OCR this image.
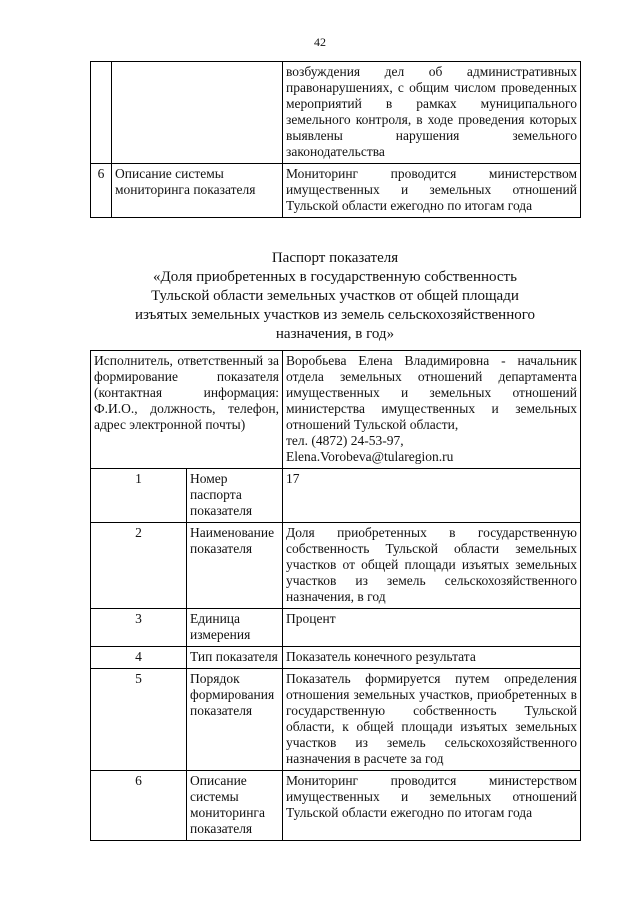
42
		возбуждения дел об административных правонарушениях, с общим числом проведенных мероприятий в рамках муниципального земельного контроля, в ходе проведения которых выявлены нарушения земельного законодательства
6	Описание системы мониторинга показателя	Мониторинг проводится министерством имущественных и земельных отношений Тульской области ежегодно по итогам года
Паспорт показателя
«Доля приобретенных в государственную собственность
Тульской области земельных участков от общей площади
изъятых земельных участков из земель сельскохозяйственного
назначения, в год»
Исполнитель, ответственный за формирование показателя (контактная информация: Ф.И.О., должность, телефон, адрес электронной почты)		Воробьева Елена Владимировна - начальник отдела земельных отношений департамента имущественных и земельных отношений министерства имущественных и земельных отношений Тульской области,
тел. (4872) 24-53-97,
Elena.Vorobeva@tularegion.ru

1	Номер паспорта показателя	17
2	Наименование показателя	Доля приобретенных в государственную собственность Тульской области земельных участков от общей площади изъятых земельных участков из земель сельскохозяйственного назначения, в год
3	Единица измерения	Процент
4	Тип показателя	Показатель конечного результата
5	Порядок формирования показателя	Показатель формируется путем определения отношения земельных участков, приобретенных в государственную собственность Тульской области, к общей площади изъятых земельных участков из земель сельскохозяйственного назначения в расчете за год
6	Описание системы мониторинга показателя	Мониторинг проводится министерством имущественных и земельных отношений Тульской области ежегодно по итогам года
